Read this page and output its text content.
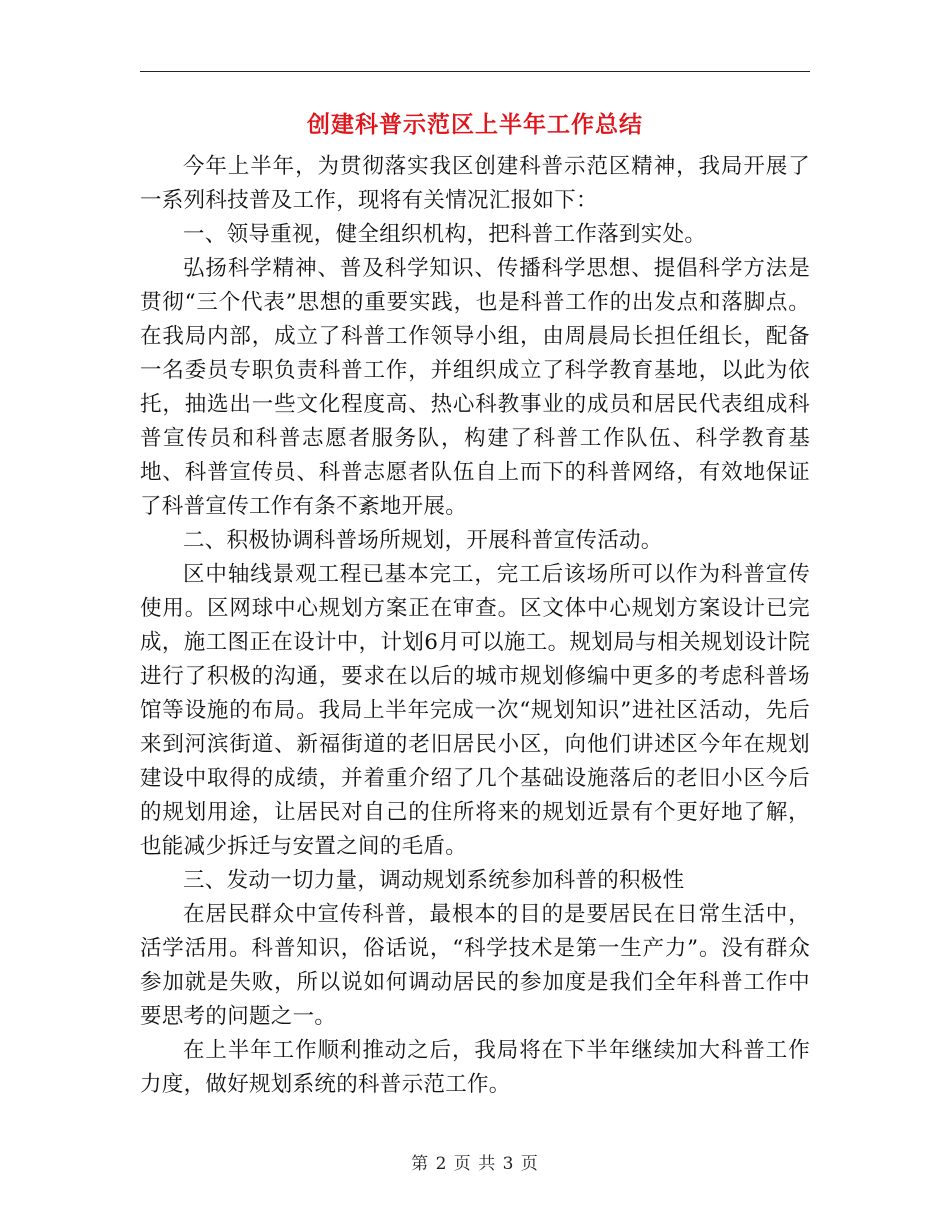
创建科普示范区上半年工作总结

今年上半年，为贯彻落实我区创建科普示范区精神，我局开展了一系列科技普及工作，现将有关情况汇报如下：

一、领导重视，健全组织机构，把科普工作落到实处。

弘扬科学精神、普及科学知识、传播科学思想、提倡科学方法是贯彻“三个代表”思想的重要实践，也是科普工作的出发点和落脚点。在我局内部，成立了科普工作领导小组，由周晨局长担任组长，配备一名委员专职负责科普工作，并组织成立了科学教育基地，以此为依托，抽选出一些文化程度高、热心科教事业的成员和居民代表组成科普宣传员和科普志愿者服务队，构建了科普工作队伍、科学教育基地、科普宣传员、科普志愿者队伍自上而下的科普网络，有效地保证了科普宣传工作有条不紊地开展。

二、积极协调科普场所规划，开展科普宣传活动。

区中轴线景观工程已基本完工，完工后该场所可以作为科普宣传使用。区网球中心规划方案正在审查。区文体中心规划方案设计已完成，施工图正在设计中，计划6月可以施工。规划局与相关规划设计院进行了积极的沟通，要求在以后的城市规划修编中更多的考虑科普场馆等设施的布局。我局上半年完成一次“规划知识”进社区活动，先后来到河滨街道、新福街道的老旧居民小区，向他们讲述区今年在规划建设中取得的成绩，并着重介绍了几个基础设施落后的老旧小区今后的规划用途，让居民对自己的住所将来的规划近景有个更好地了解，也能减少拆迁与安置之间的毛盾。

三、发动一切力量，调动规划系统参加科普的积极性

在居民群众中宣传科普，最根本的目的是要居民在日常生活中，活学活用。科普知识，俗话说，“科学技术是第一生产力”。没有群众参加就是失败，所以说如何调动居民的参加度是我们全年科普工作中要思考的问题之一。

在上半年工作顺利推动之后，我局将在下半年继续加大科普工作力度，做好规划系统的科普示范工作。

第 2 页 共 3 页
